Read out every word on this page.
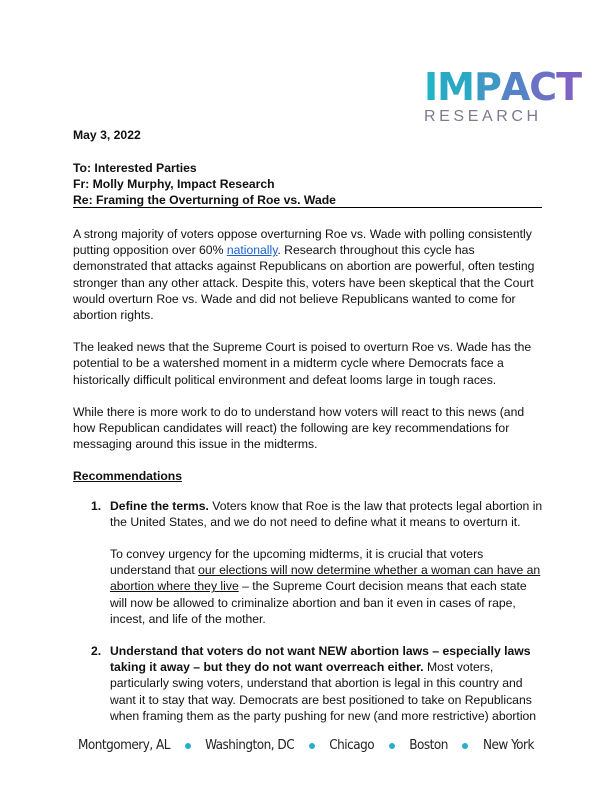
I M P A C T
RESEARCH
May 3, 2022
To: Interested Parties
Fr: Molly Murphy, Impact Research
Re: Framing the Overturning of Roe vs. Wade

A strong majority of voters oppose overturning Roe vs. Wade with polling consistently putting opposition over 60% nationally. Research throughout this cycle has demonstrated that attacks against Republicans on abortion are powerful, often testing stronger than any other attack. Despite this, voters have been skeptical that the Court would overturn Roe vs. Wade and did not believe Republicans wanted to come for abortion rights.

The leaked news that the Supreme Court is poised to overturn Roe vs. Wade has the potential to be a watershed moment in a midterm cycle where Democrats face a historically difficult political environment and defeat looms large in tough races.

While there is more work to do to understand how voters will react to this news (and how Republican candidates will react) the following are key recommendations for messaging around this issue in the midterms.

Recommendations
1. Define the terms. Voters know that Roe is the law that protects legal abortion in the United States, and we do not need to define what it means to overturn it.

To convey urgency for the upcoming midterms, it is crucial that voters understand that our elections will now determine whether a woman can have an abortion where they live – the Supreme Court decision means that each state will now be allowed to criminalize abortion and ban it even in cases of rape, incest, and life of the mother.

2. Understand that voters do not want NEW abortion laws – especially laws taking it away – but they do not want overreach either. Most voters, particularly swing voters, understand that abortion is legal in this country and want it to stay that way. Democrats are best positioned to take on Republicans when framing them as the party pushing for new (and more restrictive) abortion

Montgomery, AL	Washington, DC	Chicago	Boston	New York
